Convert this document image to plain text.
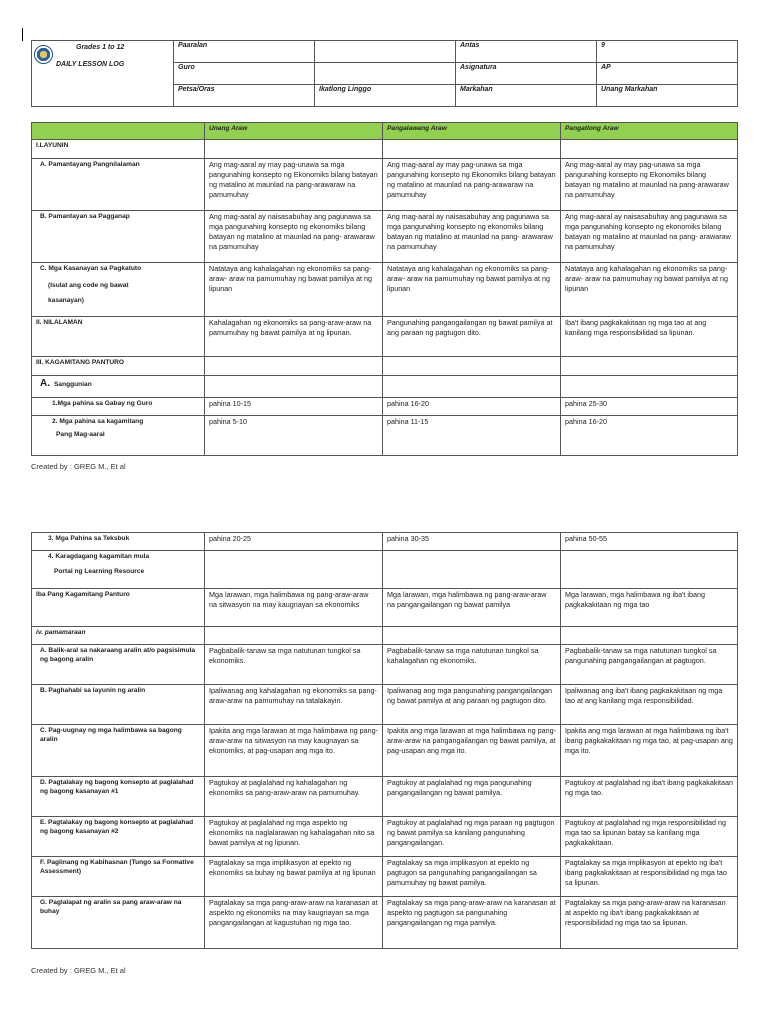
Grades 1 to 12
DAILY LESSON LOG	Paaralan		Antas	9
	Guro		Asignatura	AP
	Petsa/Oras	Ikatlong Linggo	Markahan	Unang Markahan
	Unang Araw	Pangalawang Araw	Pangatlong Araw
I.LAYUNIN			
A. Pamantayang Pangnilalaman	Ang mag-aaral ay may pag-unawa sa mga pangunahing konsepto ng Ekonomiks bilang batayan ng matalino at maunlad na pang-arawaraw na pamumuhay	Ang mag-aaral ay may pag-unawa sa mga pangunahing konsepto ng Ekonomiks bilang batayan ng matalino at maunlad na pang-arawaraw na pamumuhay	Ang mag-aaral ay may pag-unawa sa mga pangunahing konsepto ng Ekonomiks bilang batayan ng matalino at maunlad na pang-arawaraw na pamumuhay
B. Pamantayan sa Pagganap	Ang mag-aaral ay naisasabuhay ang pagunawa sa mga pangunahing konsepto ng ekonomiks bilang batayan ng matalino at maunlad na pang- arawaraw na pamumuhay	Ang mag-aaral ay naisasabuhay ang pagunawa sa mga pangunahing konsepto ng ekonomiks bilang batayan ng matalino at maunlad na pang- arawaraw na pamumuhay	Ang mag-aaral ay naisasabuhay ang pagunawa sa mga pangunahing konsepto ng ekonomiks bilang batayan ng matalino at maunlad na pang- arawaraw na pamumuhay
C. Mga Kasanayan sa Pagkatuto
(Isulat ang code ng bawat
kasanayan)	Natataya ang kahalagahan ng ekonomiks sa pang-araw- araw na pamumuhay ng bawat pamilya at ng lipunan	Natataya ang kahalagahan ng ekonomiks sa pang-araw- araw na pamumuhay ng bawat pamilya at ng lipunan	Natataya ang kahalagahan ng ekonomiks sa pang-araw- araw na pamumuhay ng bawat pamilya at ng lipunan
II. NILALAMAN	Kahalagahan ng ekonomiks sa pang-araw-araw na pamumuhay ng bawat pamilya at ng lipunan.	Pangunahing pangangailangan ng bawat pamilya at ang paraan ng pagtugon dito.	Iba't ibang pagkakakitaan ng mga tao at ang kanilang mga responsibilidad sa lipunan.
III. KAGAMITANG PANTURO			
A. Sanggunian			
1.Mga pahina sa Gabay ng Guro	pahina 10-15	pahina 16-20	pahina 25-30
2. Mga pahina sa kagamitang
Pang Mag-aaral	pahina 5-10	pahina 11-15	pahina 16-20
Created by : GREG M., Et al
3. Mga Pahina sa Teksbuk	pahina 20-25	pahina 30-35	pahina 50-55
4. Karagdagang kagamitan mula
Portal ng Learning Resource			

Iba Pang Kagamitang Panturo	Mga larawan, mga halimbawa ng pang-araw-araw na sitwasyon na may kaugnayan sa ekonomiks	Mga larawan, mga halimbawa ng pang-araw-araw na pangangailangan ng bawat pamilya	Mga larawan, mga halimbawa ng iba't ibang pagkakakitaan ng mga tao
iv. pamamaraan			
A. Balik-aral sa nakaraang aralin at/o pagsisimula ng bagong aralin	Pagbabalik-tanaw sa mga natutunan tungkol sa ekonomiks.	Pagbabalik-tanaw sa mga natutunan tungkol sa kahalagahan ng ekonomiks.	Pagbabalik-tanaw sa mga natutunan tungkol sa pangunahing pangangailangan at pagtugon.
B. Paghahabi sa layunin ng aralin	Ipaliwanag ang kahalagahan ng ekonomiks sa pang-araw-araw na pamumuhay na tatalakayin.	Ipaliwanag ang mga pangunahing pangangailangan ng bawat pamilya at ang paraan ng pagtugon dito.	Ipaliwanag ang iba't ibang pagkakakitaan ng mga tao at ang kanilang mga responsibilidad.
C. Pag-uugnay ng mga halimbawa sa bagong aralin	Ipakita ang mga larawan at mga halimbawa ng pang-araw-araw na sitwasyon na may kaugnayan sa ekonomiks, at pag-usapan ang mga ito.	Ipakita ang mga larawan at mga halimbawa ng pang-araw-araw na pangangailangan ng bawat pamilya, at pag-usapan ang mga ito.	Ipakita ang mga larawan at mga halimbawa ng iba't ibang pagkakakitaan ng mga tao, at pag-usapan ang mga ito.
D. Pagtalakay ng bagong konsepto at paglalahad ng bagong kasanayan #1	Pagtukoy at paglalahad ng kahalagahan ng ekonomiks sa pang-araw-araw na pamumuhay.	Pagtukoy at paglalahad ng mga pangunahing pangangailangan ng bawat pamilya.	Pagtukoy at paglalahad ng iba't ibang pagkakakitaan ng mga tao.
E. Pagtalakay ng bagong konsepto at paglalahad ng bagong kasanayan #2	Pagtukoy at paglalahad ng mga aspekto ng ekonomiks na naglalarawan ng kahalagahan nito sa bawat pamilya at ng lipunan.	Pagtukoy at paglalahad ng mga paraan ng pagtugon ng bawat pamilya sa kanilang pangunahing pangangailangan.	Pagtukoy at paglalahad ng mga responsibilidad ng mga tao sa lipunan batay sa kanilang mga pagkakakitaan.
F. Paglinang ng Kabihasnan (Tungo sa Formative Assessment)	Pagtalakay sa mga implikasyon at epekto ng ekonomiks sa buhay ng bawat pamilya at ng lipunan	Pagtalakay sa mga implikasyon at epekto ng pagtugon sa pangunahing pangangailangan sa pamumuhay ng bawat pamilya.	Pagtalakay sa mga implikasyon at epekto ng iba't ibang pagkakakitaan at responsibilidad ng mga tao sa lipunan.
G. Paglalapat ng aralin sa pang araw-araw na buhay	Pagtalakay sa mga pang-araw-araw na karanasan at aspekto ng ekonomiks na may kaugnayan sa mga pangangailangan at kagustuhan ng mga tao.	Pagtalakay sa mga pang-araw-araw na karanasan at aspekto ng pagtugon sa pangunahing pangangailangan ng mga pamilya.	Pagtalakay sa mga pang-araw-araw na karanasan at aspekto ng iba't ibang pagkakakitaan at responsibilidad ng mga tao sa lipunan.
Created by : GREG M., Et al
